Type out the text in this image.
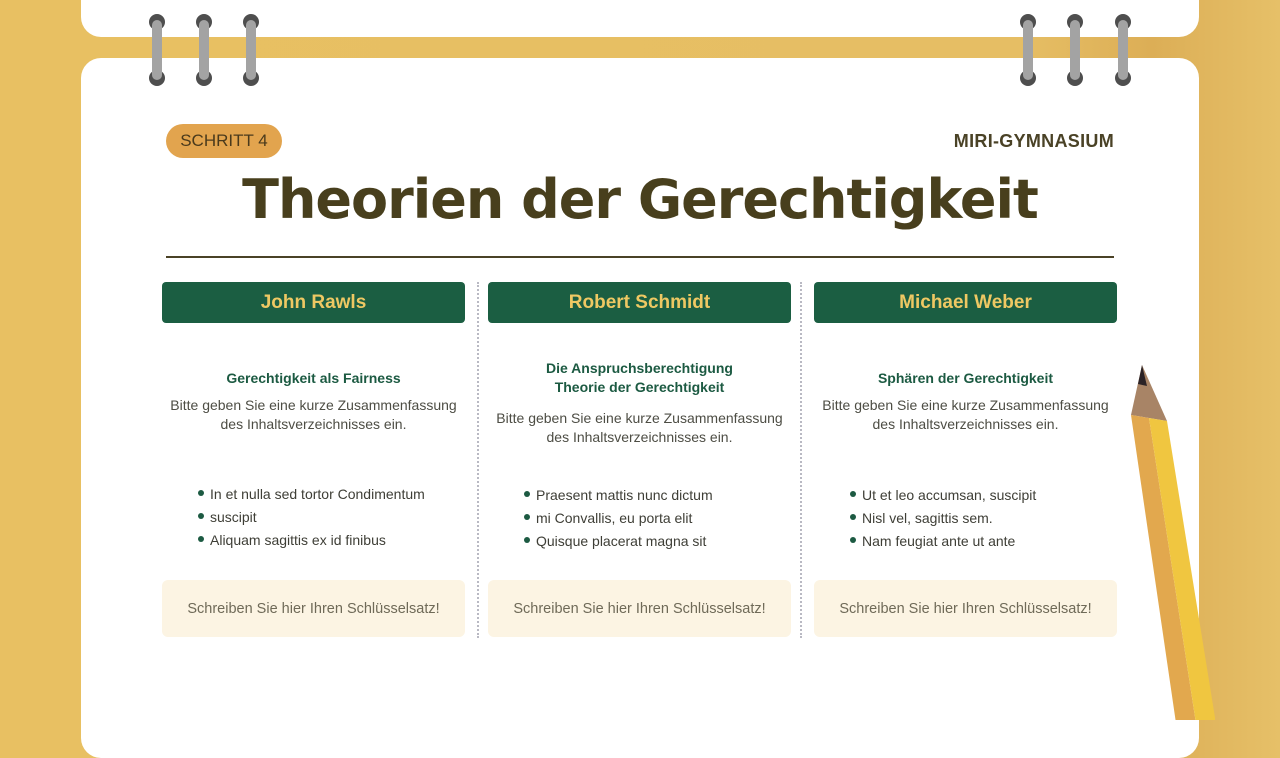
SCHRITT 4	MIRI-GYMNASIUM
Theorien der Gerechtigkeit
John Rawls
Gerechtigkeit als Fairness
Bitte geben Sie eine kurze Zusammenfassung des Inhaltsverzeichnisses ein.
In et nulla sed tortor Condimentum
suscipit
Aliquam sagittis ex id finibus
Schreiben Sie hier Ihren Schlüsselsatz!
Robert Schmidt
Die Anspruchsberechtigung Theorie der Gerechtigkeit
Bitte geben Sie eine kurze Zusammenfassung des Inhaltsverzeichnisses ein.
Praesent mattis nunc dictum
mi Convallis, eu porta elit
Quisque placerat magna sit
Schreiben Sie hier Ihren Schlüsselsatz!
Michael Weber
Sphären der Gerechtigkeit
Bitte geben Sie eine kurze Zusammenfassung des Inhaltsverzeichnisses ein.
Ut et leo accumsan, suscipit
Nisl vel, sagittis sem.
Nam feugiat ante ut ante
Schreiben Sie hier Ihren Schlüsselsatz!
